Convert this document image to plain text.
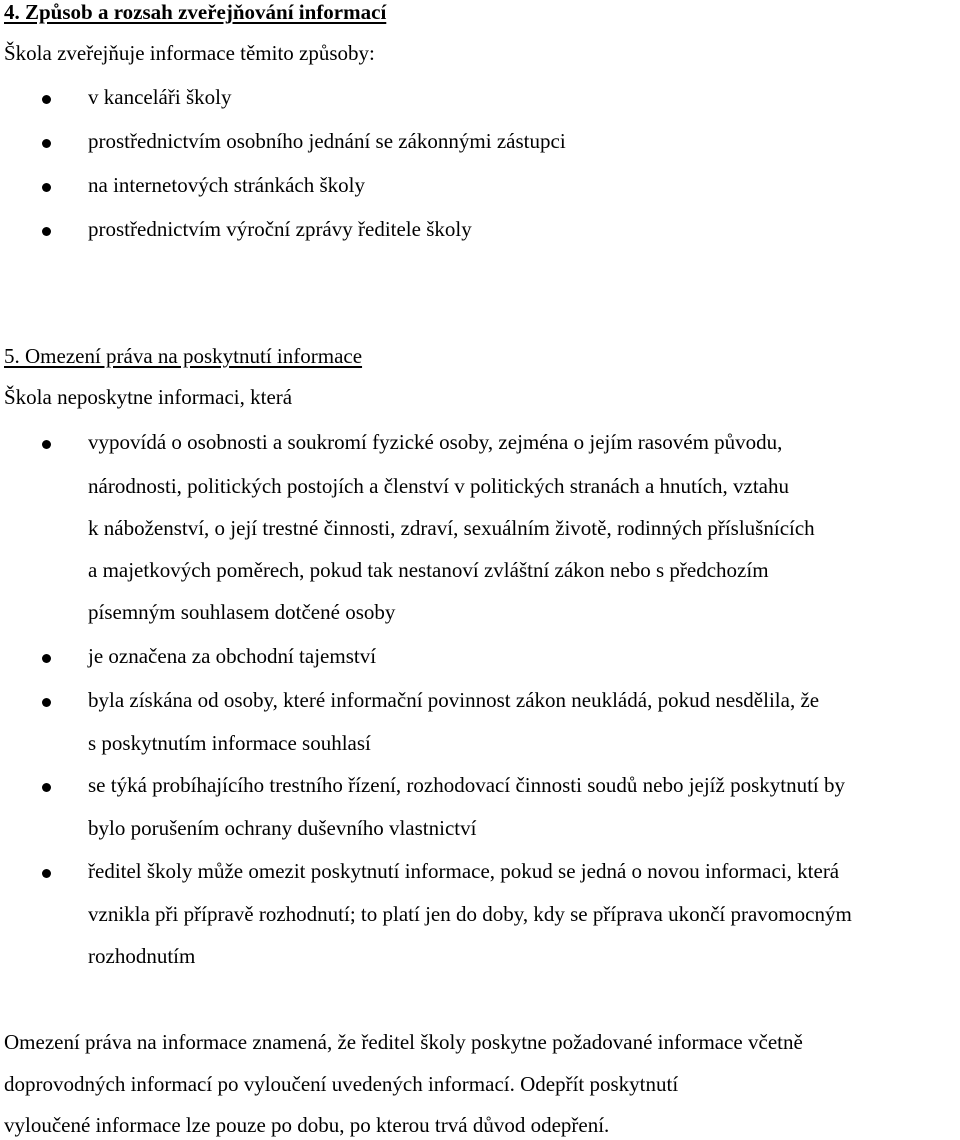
4. Způsob a rozsah zveřejňování informací

Škola zveřejňuje informace těmito způsoby:

v kanceláři školy

prostřednictvím osobního jednání se zákonnými zástupci

na internetových stránkách školy

prostřednictvím výroční zprávy ředitele školy

5. Omezení práva na poskytnutí informace

Škola neposkytne informaci, která

vypovídá o osobnosti a soukromí fyzické osoby, zejména o jejím rasovém původu,

národnosti, politických postojích a členství v politických stranách a hnutích, vztahu

k náboženství, o její trestné činnosti, zdraví, sexuálním životě, rodinných příslušnících

a majetkových poměrech, pokud tak nestanoví zvláštní zákon nebo s předchozím

písemným souhlasem dotčené osoby

je označena za obchodní tajemství

byla získána od osoby, které informační povinnost zákon neukládá, pokud nesdělila, že

s poskytnutím informace souhlasí

se týká probíhajícího trestního řízení, rozhodovací činnosti soudů nebo jejíž poskytnutí by

bylo porušením ochrany duševního vlastnictví

ředitel školy může omezit poskytnutí informace, pokud se jedná o novou informaci, která

vznikla při přípravě rozhodnutí; to platí jen do doby, kdy se příprava ukončí pravomocným

rozhodnutím

Omezení práva na informace znamená, že ředitel školy poskytne požadované informace včetně

doprovodných informací po vyloučení uvedených informací. Odepřít poskytnutí

vyloučené informace lze pouze po dobu, po kterou trvá důvod odepření.
